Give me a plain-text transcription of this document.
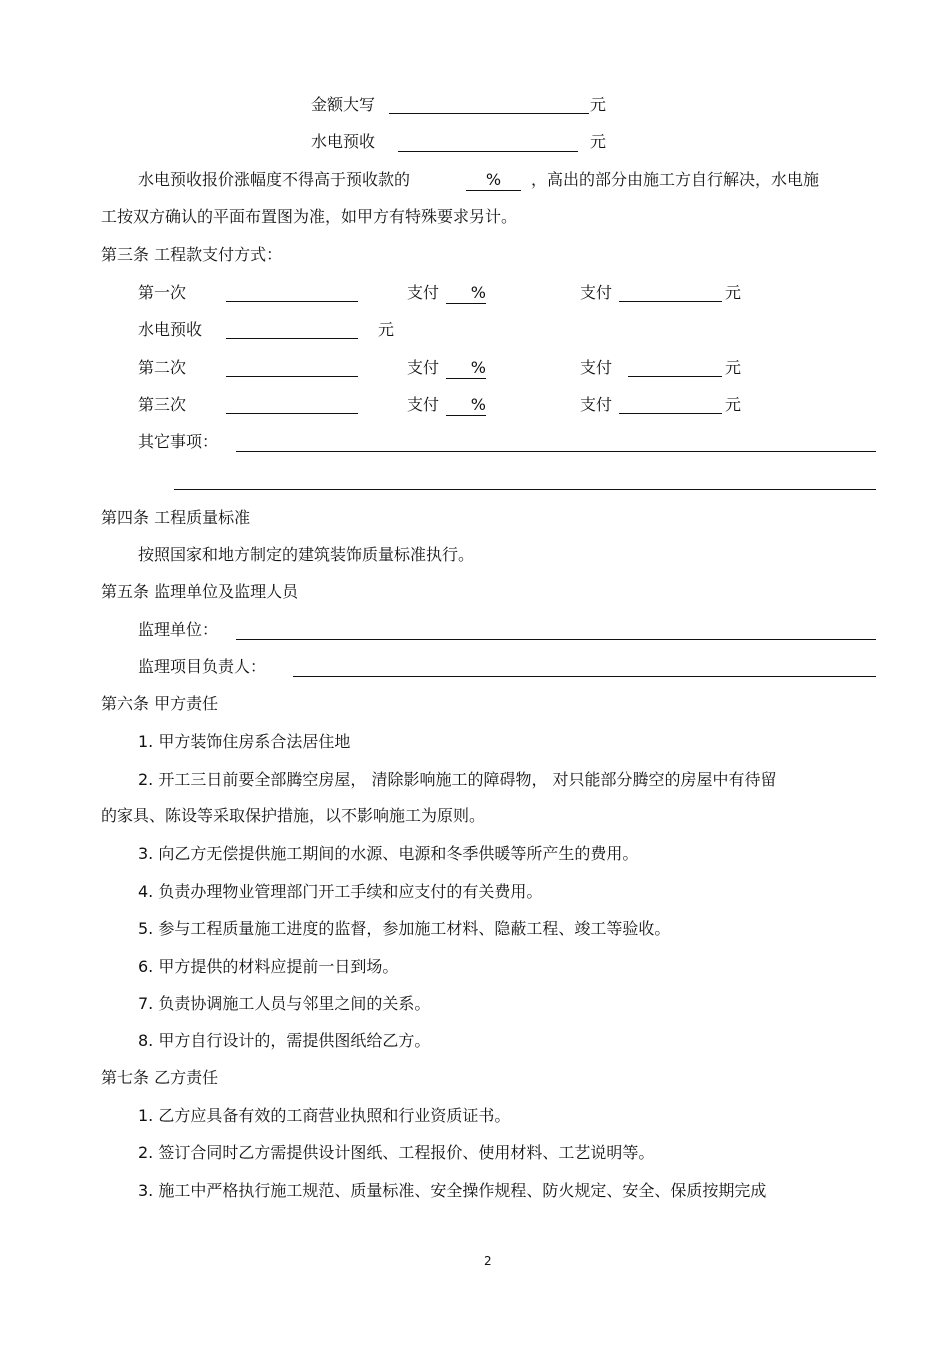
金额大写	元
水电预收	元
水电预收报价涨幅度不得高于预收款的	%	，高出的部分由施工方自行解决，水电施
工按双方确认的平面布置图为准，如甲方有特殊要求另计。
第三条 工程款支付方式：
第一次	支付	%	支付	元
水电预收	元
第二次	支付	%	支付	元
第三次	支付	%	支付	元
其它事项：
第四条 工程质量标准
按照国家和地方制定的建筑装饰质量标准执行。
第五条 监理单位及监理人员
监理单位：
监理项目负责人：
第六条 甲方责任
1. 甲方装饰住房系合法居住地
2. 开工三日前要全部腾空房屋， 清除影响施工的障碍物， 对只能部分腾空的房屋中有待留
的家具、陈设等采取保护措施，以不影响施工为原则。
3. 向乙方无偿提供施工期间的水源、电源和冬季供暖等所产生的费用。
4. 负责办理物业管理部门开工手续和应支付的有关费用。
5. 参与工程质量施工进度的监督，参加施工材料、隐蔽工程、竣工等验收。
6. 甲方提供的材料应提前一日到场。
7. 负责协调施工人员与邻里之间的关系。
8. 甲方自行设计的，需提供图纸给乙方。
第七条 乙方责任
1. 乙方应具备有效的工商营业执照和行业资质证书。
2. 签订合同时乙方需提供设计图纸、工程报价、使用材料、工艺说明等。
3. 施工中严格执行施工规范、质量标准、安全操作规程、防火规定、安全、保质按期完成
2
